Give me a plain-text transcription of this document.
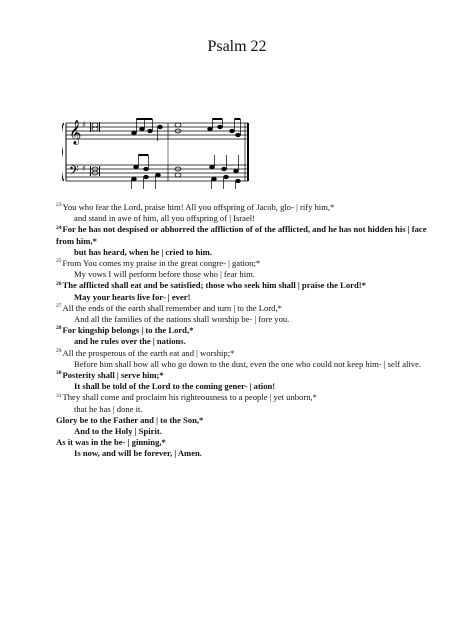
Psalm 22
𝄞
𝄢
♯
♯

$^{23}$You who fear the Lord, praise him! All you offspring of Jacob, glo- | rify him,*

and stand in awe of him, all you offspring of | Israel!

$^{24}$For he has not despised or abhorred the affliction of of the afflicted, and he has not hidden his | face from him,*

but has heard, when he | cried to him.

$^{25}$From You comes my praise in the great congre- | gation;*

My vows I will perform before those who | fear him.

$^{26}$The afflicted shall eat and be satisfied; those who seek him shall | praise the Lord!*

May your hearts live for- | ever!

$^{27}$All the ends of the earth shall remember and turn | to the Lord,*

And all the families of the nations shall worship be- | fore you.

$^{28}$For kingship belongs | to the Lord,*

and he rules over the | nations.

$^{29}$All the prosperous of the earth eat and | worship;*

Before him shall bow all who go down to the dust, even the one who could not keep him- | self alive.

$^{30}$Posterity shall | serve him;*

It shall be told of the Lord to the coming gener- | ation!

$^{31}$They shall come and proclaim his righteousness to a people | yet unborn,*

that he has | done it.

Glory be to the Father and | to the Son,*

And to the Holy | Spirit.

As it was in the be- | ginning,*

Is now, and will be forever, | Amen.
